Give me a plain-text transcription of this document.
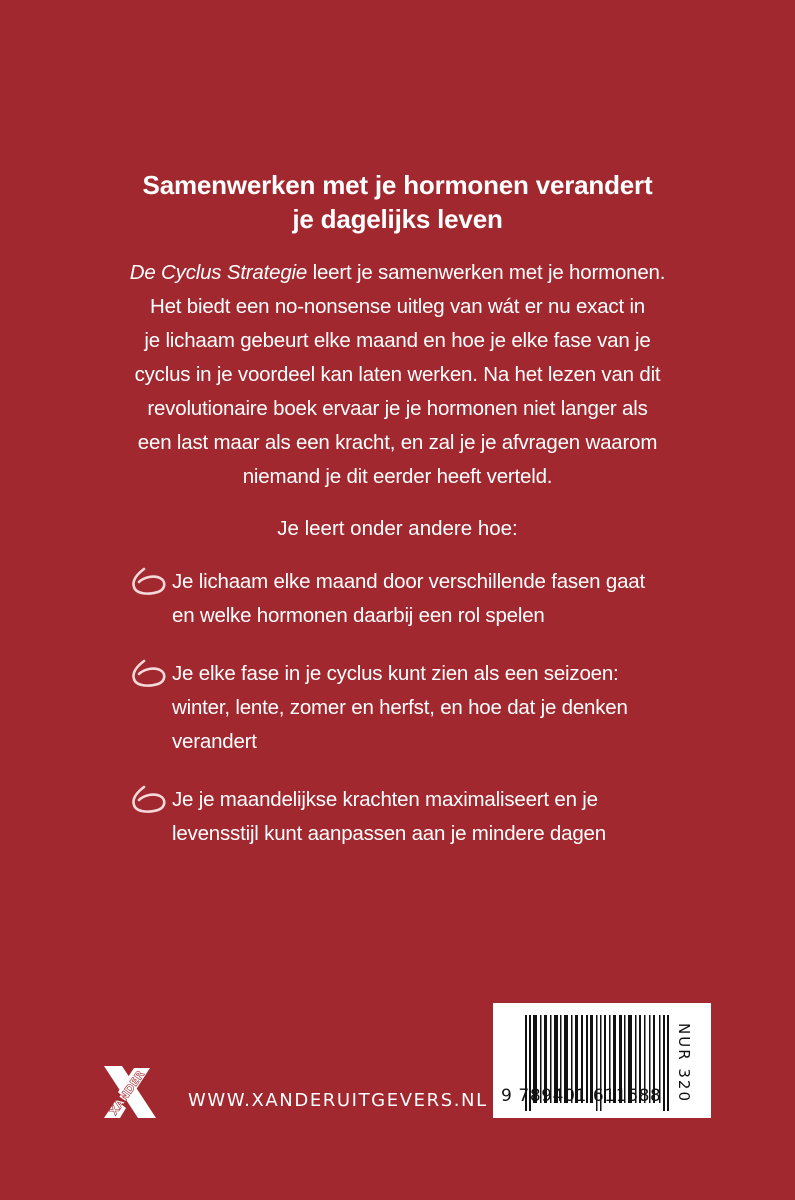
Samenwerken met je hormonen verandert
je dagelijks leven
De Cyclus Strategie leert je samenwerken met je hormonen.
Het biedt een no-nonsense uitleg van wát er nu exact in
je lichaam gebeurt elke maand en hoe je elke fase van je
cyclus in je voordeel kan laten werken. Na het lezen van dit
revolutionaire boek ervaar je je hormonen niet langer als
een last maar als een kracht, en zal je je afvragen waarom
niemand je dit eerder heeft verteld.
Je leert onder andere hoe:
Je lichaam elke maand door verschillende fasen gaat
en welke hormonen daarbij een rol spelen
Je elke fase in je cyclus kunt zien als een seizoen:
winter, lente, zomer en herfst, en hoe dat je denken
verandert
Je je maandelijkse krachten maximaliseert en je
levensstijl kunt aanpassen aan je mindere dagen
XANDER WWW.XANDERUITGEVERS.NL 9 789401 611688 NUR 320
